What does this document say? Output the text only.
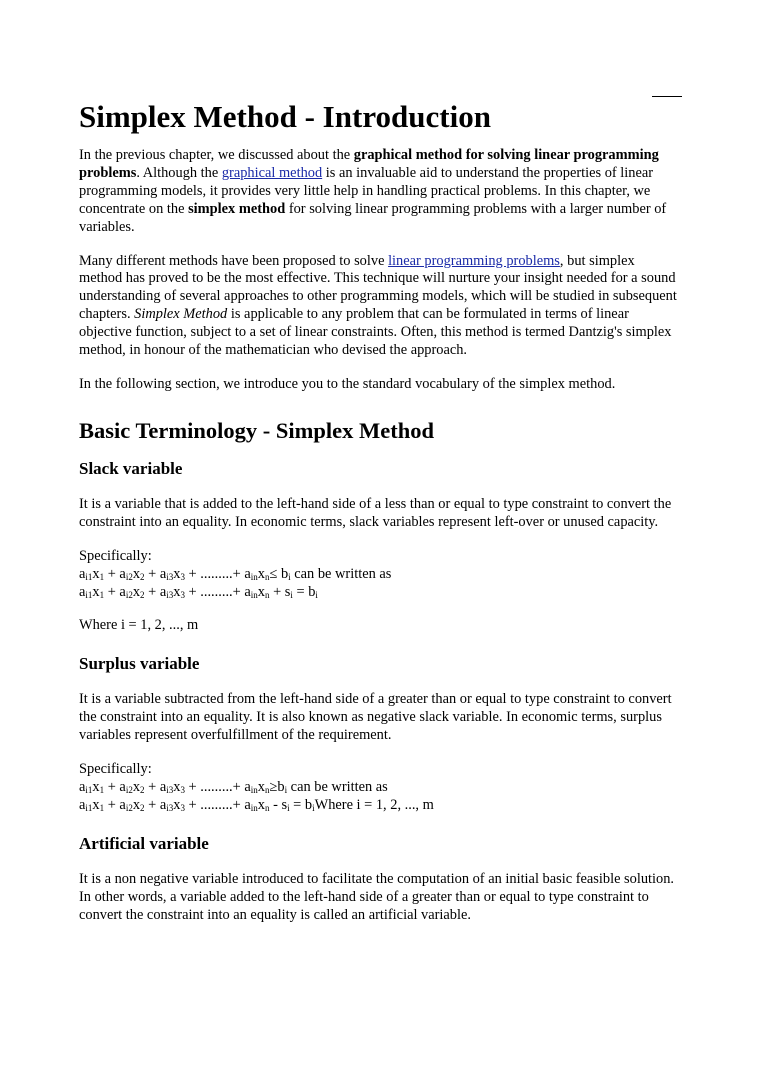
Simplex Method - Introduction

In the previous chapter, we discussed about the graphical method for solving linear programming problems. Although the graphical method is an invaluable aid to understand the properties of linear programming models, it provides very little help in handling practical problems. In this chapter, we concentrate on the simplex method for solving linear programming problems with a larger number of variables.

Many different methods have been proposed to solve linear programming problems, but simplex method has proved to be the most effective. This technique will nurture your insight needed for a sound understanding of several approaches to other programming models, which will be studied in subsequent chapters. Simplex Method is applicable to any problem that can be formulated in terms of linear objective function, subject to a set of linear constraints. Often, this method is termed Dantzig's simplex method, in honour of the mathematician who devised the approach.

In the following section, we introduce you to the standard vocabulary of the simplex method.

Basic Terminology - Simplex Method
Slack variable

It is a variable that is added to the left-hand side of a less than or equal to type constraint to convert the constraint into an equality. In economic terms, slack variables represent left-over or unused capacity.

Specifically:

$a_{i1}x_1 + a_{i2}x_2 + a_{i3}x_3$ + .........+ $a_{in}x_n\le b_i$ can be written as

$a_{i1}x_1 + a_{i2}x_2 + a_{i3}x_3$ + .........+ $a_{in}x_n + s_i = b_i$

Where i = 1, 2, ..., m

Surplus variable

It is a variable subtracted from the left-hand side of a greater than or equal to type constraint to convert the constraint into an equality. It is also known as negative slack variable. In economic terms, surplus variables represent overfulfillment of the requirement.

Specifically:

$a_{i1}x_1 + a_{i2}x_2 + a_{i3}x_3$ + .........+ $a_{in}x_n\ge b_i$ can be written as

$a_{i1}x_1 + a_{i2}x_2 + a_{i3}x_3$ + .........+ $a_{in}x_n - s_i$ = $b_iWhere$ i = 1, 2, ..., m

Artificial variable

It is a non negative variable introduced to facilitate the computation of an initial basic feasible solution. In other words, a variable added to the left-hand side of a greater than or equal to type constraint to convert the constraint into an equality is called an artificial variable.
